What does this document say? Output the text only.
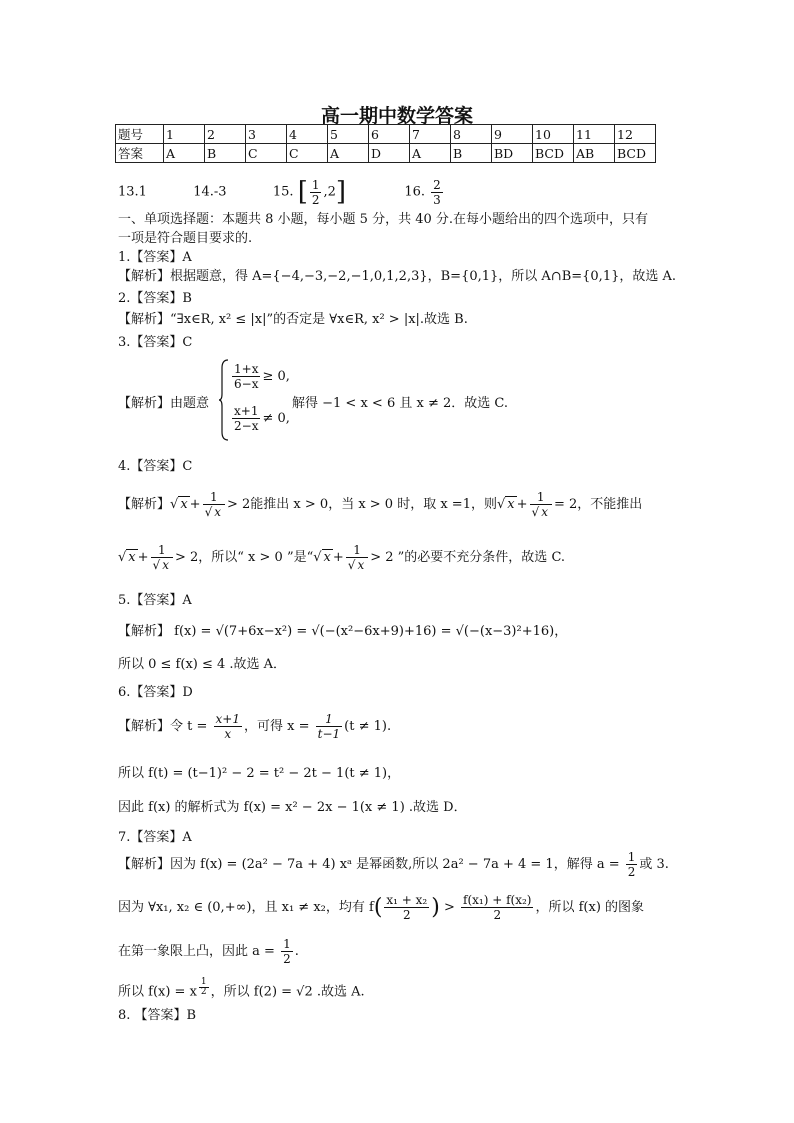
高一期中数学答案
题号	1	2	3	4	5	6	7	8	9	10	11	12
答案	A	B	C	C	A	D	A	B	BD	BCD	AB	BCD
13.1	14.-3	15. [ $\frac{1}{2} ,2$]	16. $\frac{2}{3}$
一、单项选择题：本题共 8 小题，每小题 5 分，共 40 分.在每小题给出的四个选项中，只有
一项是符合题目要求的.
1.【答案】A
【解析】根据题意，得 A={−4,−3,−2,−1,0,1,2,3}，B={0,1}，所以 A∩B={0,1}，故选 A.
2.【答案】B
【解析】“∃x∈R, x² ≤ |x|”的否定是 ∀x∈R, x² > |x|.故选 B.
3.【答案】C
【解析】由题意
$\frac{1+x}{6-x} \ge 0$,
$\frac{x+1}{2-x} \ne 0$,
解得 −1 < x < 6 且 x ≠ 2．故选 C.
4.【答案】C
【解析】√ $x + \frac{1}{√ x} > 2$能推出 x > 0，当 x > 0 时，取 x =1，则√ $x + \frac{1}{√ x} = 2$，不能推出
√ $x + \frac{1}{√ x} > 2$，所以“ x > 0 ”是“√ $x + \frac{1}{√ x} > 2$ ”的必要不充分条件，故选 C.
5.【答案】A
【解析】 f(x) = √(7+6x−x²) = √(−(x²−6x+9)+16) = √(−(x−3)²+16)，
所以 0 ≤ f(x) ≤ 4 .故选 A．
6.【答案】D
【解析】令 $t = \frac{x+1}{x}$ ，可得 $x = \frac{1}{t-1} (t \ne 1)$.
所以 f(t) = (t−1)² − 2 = t² − 2t − 1(t ≠ 1)，
因此 f(x) 的解析式为 f(x) = x² − 2x − 1(x ≠ 1) .故选 D．
7.【答案】A
【解析】因为 f(x) = (2a² − 7a + 4) xᵃ 是幂函数,所以 2a² − 7a + 4 = 1，解得 $a = \frac{1}{2}$ 或 3.
因为 ∀x₁, x₂ ∈ (0,+∞)，且 x₁ ≠ x₂，均有 $f( \frac{\text{x₁ + x₂}}{2}$ ) > $\frac{\text{f(x₁) + f(x₂)}}{2}$ ，所以 f(x) 的图象
在第一象限上凸，因此 $a = \frac{1}{2}$ .
所以 f(x) = x $^{\frac{1}{2}}$ ，所以 f(2) = √2 .故选 A.
8. 【答案】B
